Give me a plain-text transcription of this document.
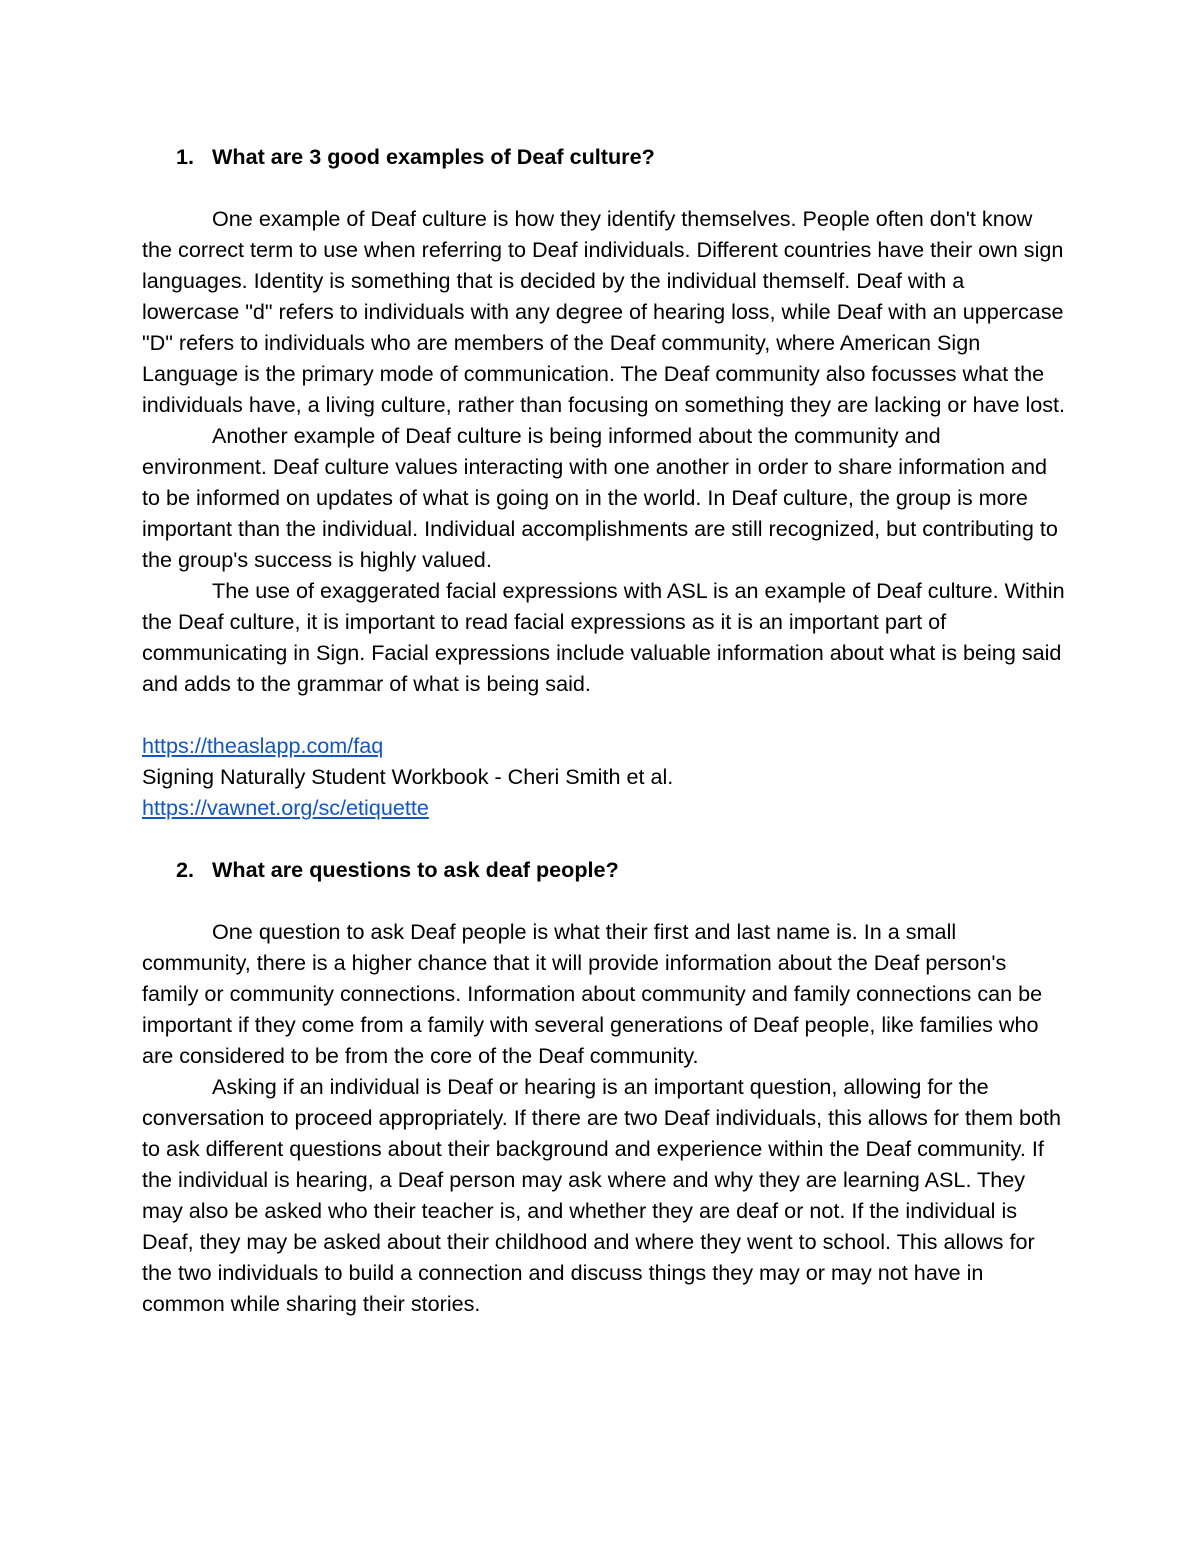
1. What are 3 good examples of Deaf culture?

One example of Deaf culture is how they identify themselves. People often don't know the correct term to use when referring to Deaf individuals. Different countries have their own sign languages. Identity is something that is decided by the individual themself. Deaf with a lowercase "d" refers to individuals with any degree of hearing loss, while Deaf with an uppercase "D" refers to individuals who are members of the Deaf community, where American Sign Language is the primary mode of communication. The Deaf community also focusses what the individuals have, a living culture, rather than focusing on something they are lacking or have lost.

Another example of Deaf culture is being informed about the community and environment. Deaf culture values interacting with one another in order to share information and to be informed on updates of what is going on in the world. In Deaf culture, the group is more important than the individual. Individual accomplishments are still recognized, but contributing to the group's success is highly valued.

The use of exaggerated facial expressions with ASL is an example of Deaf culture. Within the Deaf culture, it is important to read facial expressions as it is an important part of communicating in Sign. Facial expressions include valuable information about what is being said and adds to the grammar of what is being said.

https://theaslapp.com/faq
Signing Naturally Student Workbook - Cheri Smith et al.
https://vawnet.org/sc/etiquette
2. What are questions to ask deaf people?

One question to ask Deaf people is what their first and last name is. In a small community, there is a higher chance that it will provide information about the Deaf person's family or community connections. Information about community and family connections can be important if they come from a family with several generations of Deaf people, like families who are considered to be from the core of the Deaf community.

Asking if an individual is Deaf or hearing is an important question, allowing for the conversation to proceed appropriately. If there are two Deaf individuals, this allows for them both to ask different questions about their background and experience within the Deaf community. If the individual is hearing, a Deaf person may ask where and why they are learning ASL. They may also be asked who their teacher is, and whether they are deaf or not. If the individual is Deaf, they may be asked about their childhood and where they went to school. This allows for the two individuals to build a connection and discuss things they may or may not have in common while sharing their stories.
